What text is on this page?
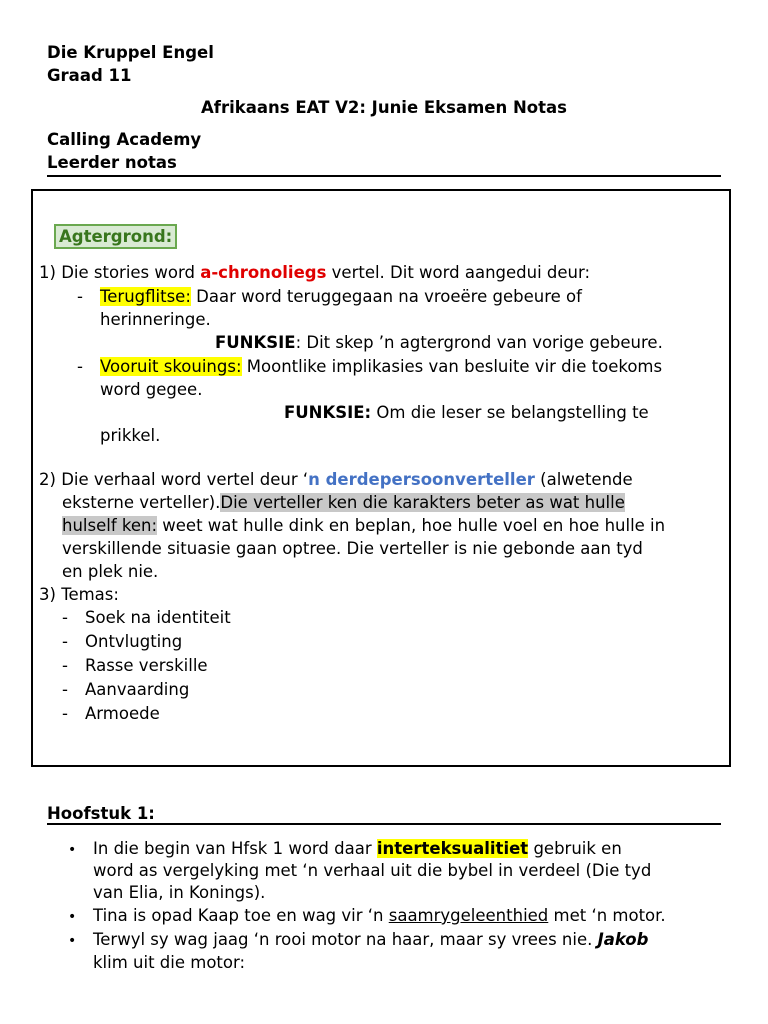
Die Kruppel Engel
Graad 11
Afrikaans EAT V2: Junie Eksamen Notas
Calling Academy
Leerder notas
Agtergrond:
1) Die stories word a-chronoliegs vertel. Dit word aangedui deur:
- Terugflitse: Daar word teruggegaan na vroeëre gebeure of
herinneringe.
FUNKSIE: Dit skep ’n agtergrond van vorige gebeure.
- Vooruit skouings: Moontlike implikasies van besluite vir die toekoms
word gegee.
FUNKSIE: Om die leser se belangstelling te
prikkel.
2) Die verhaal word vertel deur ‘n derdepersoonverteller (alwetende
eksterne verteller).Die verteller ken die karakters beter as wat hulle
hulself ken: weet wat hulle dink en beplan, hoe hulle voel en hoe hulle in
verskillende situasie gaan optree. Die verteller is nie gebonde aan tyd
en plek nie.
3) Temas:
- Soek na identiteit
- Ontvlugting
- Rasse verskille
- Aanvaarding
- Armoede
Hoofstuk 1:
• In die begin van Hfsk 1 word daar interteksualitiet gebruik en
word as vergelyking met ‘n verhaal uit die bybel in verdeel (Die tyd
van Elia, in Konings).
• Tina is opad Kaap toe en wag vir ‘n saamrygeleenthied met ‘n motor.
• Terwyl sy wag jaag ‘n rooi motor na haar, maar sy vrees nie. Jakob
klim uit die motor:
